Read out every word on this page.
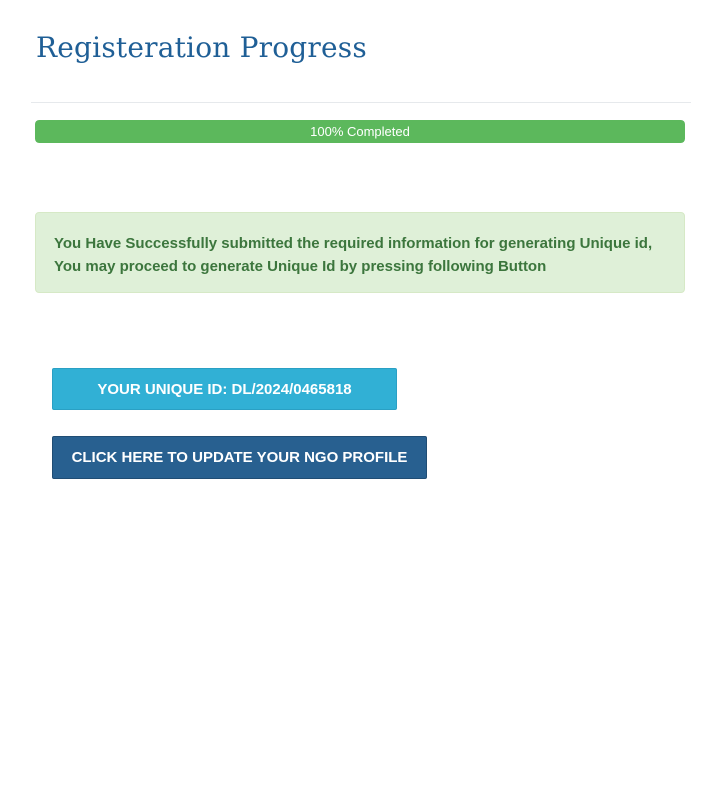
Registeration Progress
100% Completed
You Have Successfully submitted the required information for generating Unique id,
You may proceed to generate Unique Id by pressing following Button
YOUR UNIQUE ID: DL/2024/0465818
CLICK HERE TO UPDATE YOUR NGO PROFILE
